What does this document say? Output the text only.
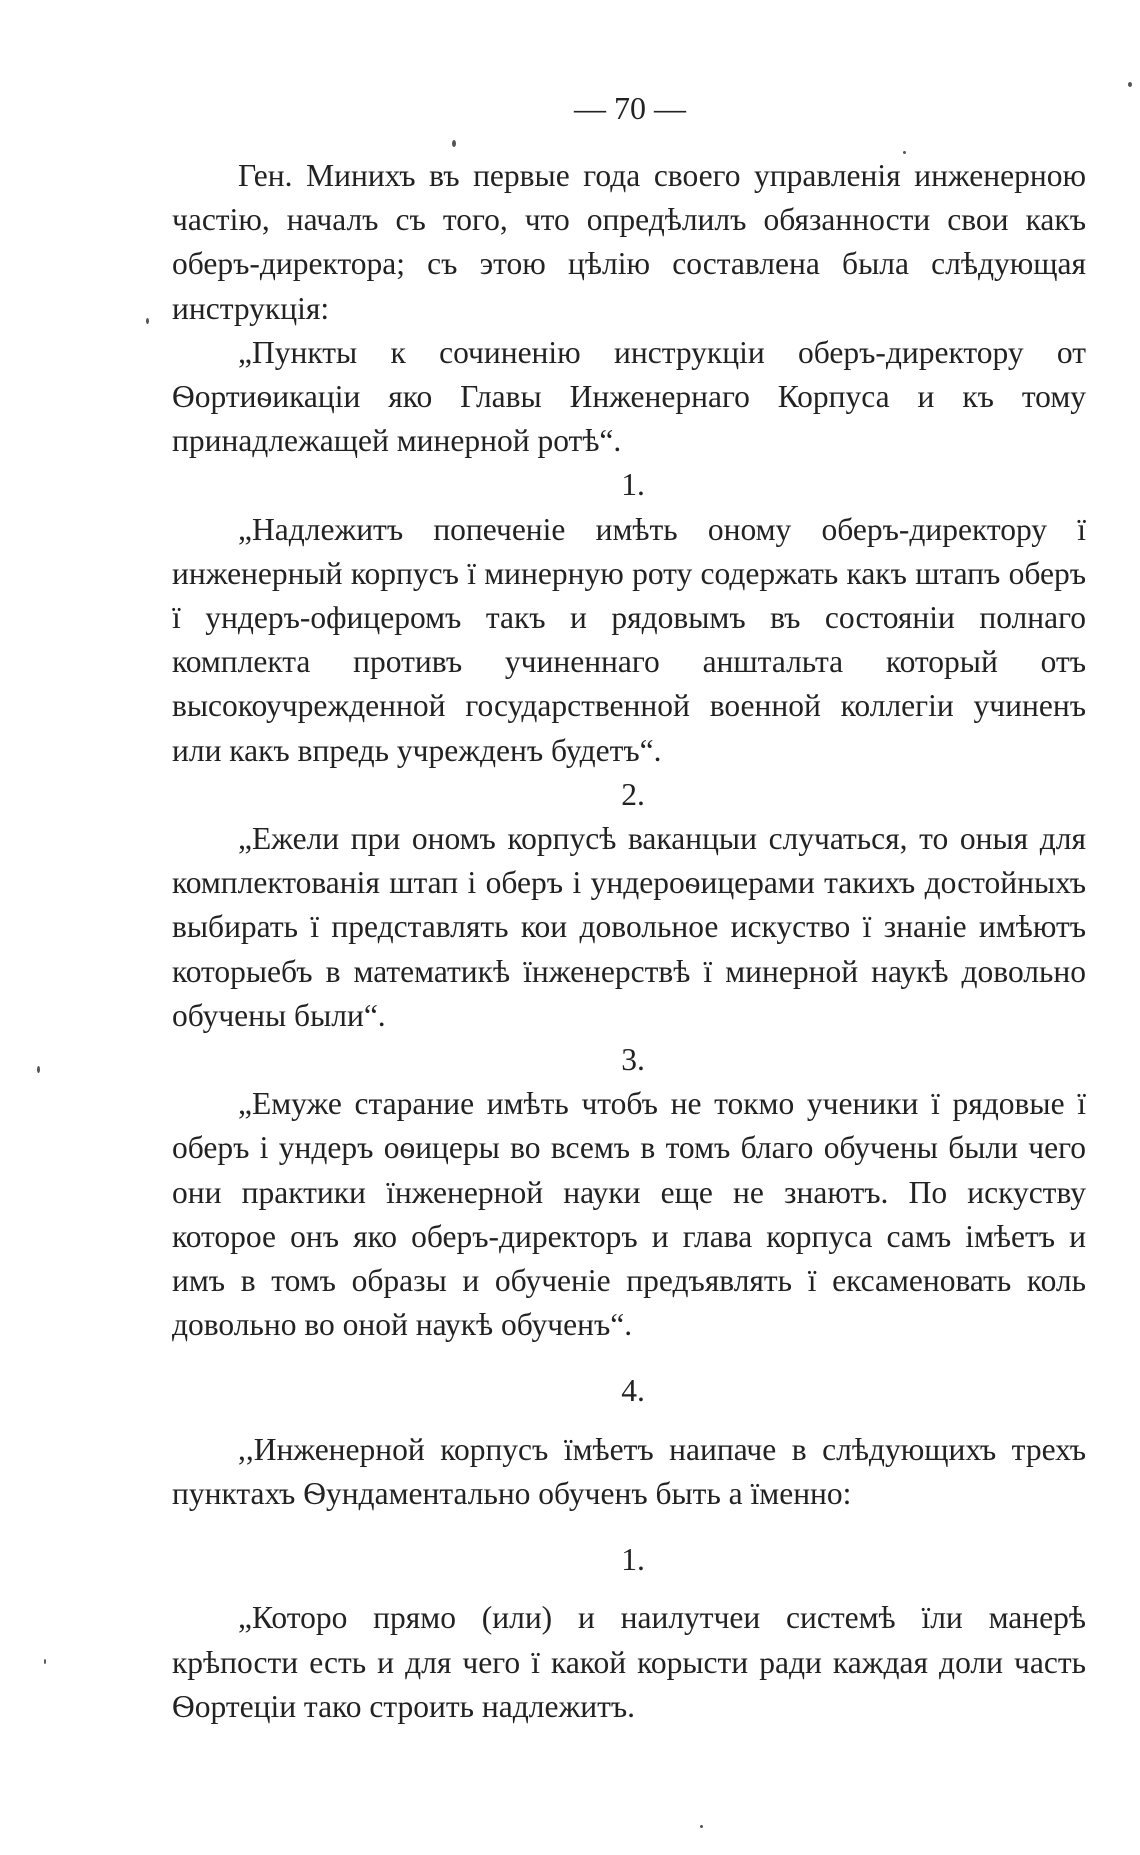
— 70 —

Ген. Минихъ въ первые года своего управленія инженерною частію, началъ съ того, что опредѣлилъ обязанности свои какъ оберъ-директора; съ этою цѣлію составлена была слѣдующая инструкція:

„Пункты к сочиненію инструкціи оберъ-директору от Ѳортиѳикаціи яко Главы Инженернаго Корпуса и къ тому принадлежащей минерной ротѣ“.

1.

„Надлежитъ попеченіе имѣть оному оберъ-директору ї инженерный корпусъ ї минерную роту содержать какъ штапъ оберъ ї ундеръ-офицеромъ такъ и рядовымъ въ состояніи полнаго комплекта противъ учиненнаго анштальта который отъ высокоучрежденной государственной военной коллегіи учиненъ или какъ впредь учрежденъ будетъ“.

2.

„Ежели при ономъ корпусѣ ваканцыи случаться, то оныя для комплектованія штап і оберъ і ундероѳицерами такихъ достойныхъ выбирать ї представлять кои довольное искуство ї знаніе имѣютъ которыебъ в математикѣ їнженерствѣ ї минерной наукѣ довольно обучены были“.

3.

„Емуже старание имѣть чтобъ не токмо ученики ї рядовые ї оберъ і ундеръ оѳицеры во всемъ в томъ благо обучены были чего они практики їнженерной науки еще не знаютъ. По искуству которое онъ яко оберъ-директоръ и глава корпуса самъ імѣетъ и имъ в томъ образы и обученіе предъявлять ї ексаменовать коль довольно во оной наукѣ обученъ“.

4.

,,Инженерной корпусъ їмѣетъ наипаче в слѣдующихъ трехъ пунктахъ Ѳундаментально обученъ быть а їменно:

1.

„Которо прямо (или) и наилутчеи системѣ їли манерѣ крѣпости есть и для чего ї какой корысти ради каждая доли часть Ѳортеціи тако строить надлежитъ.
